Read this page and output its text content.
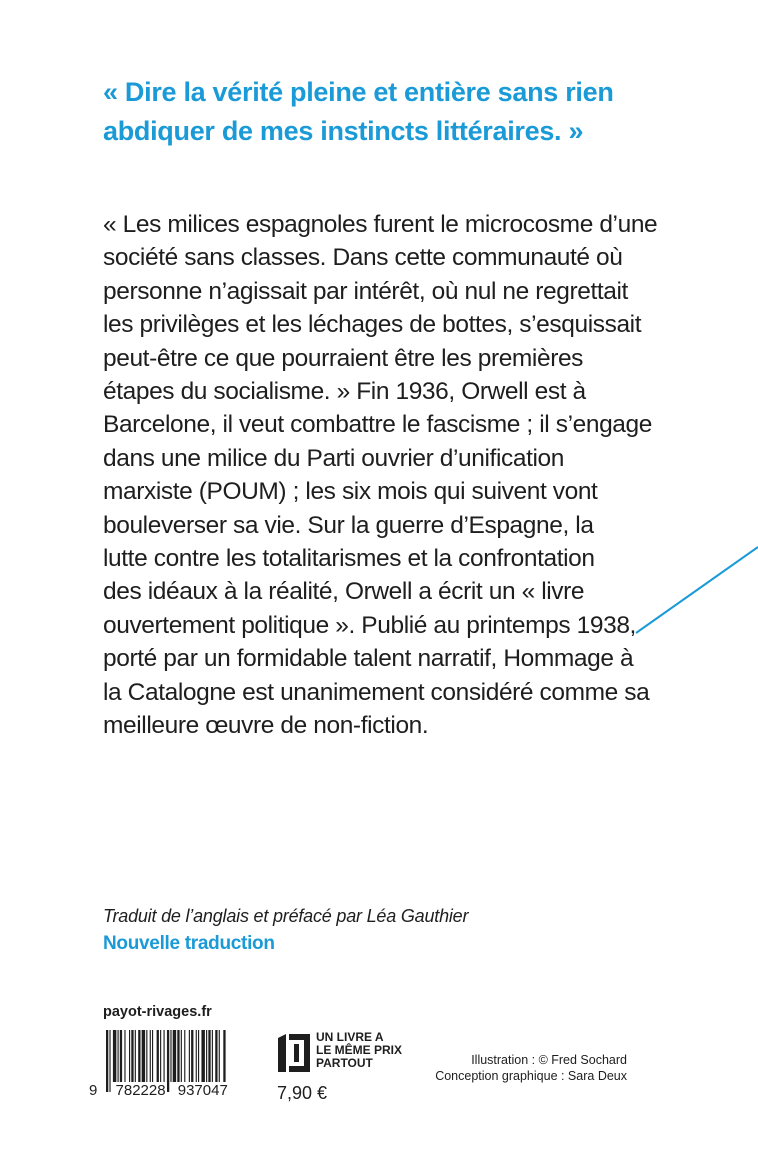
« Dire la vérité pleine et entière sans rien
abdiquer de mes instincts littéraires. »
« Les milices espagnoles furent le microcosme d’une
société sans classes. Dans cette communauté où
personne n’agissait par intérêt, où nul ne regrettait
les privilèges et les léchages de bottes, s’esquissait
peut-être ce que pourraient être les premières
étapes du socialisme. » Fin 1936, Orwell est à
Barcelone, il veut combattre le fascisme ; il s’engage
dans une milice du Parti ouvrier d’unification
marxiste (POUM) ; les six mois qui suivent vont
bouleverser sa vie. Sur la guerre d’Espagne, la
lutte contre les totalitarismes et la confrontation
des idéaux à la réalité, Orwell a écrit un « livre
ouvertement politique ». Publié au printemps 1938,
porté par un formidable talent narratif, Hommage à
la Catalogne est unanimement considéré comme sa
meilleure œuvre de non-fiction.
Traduit de l’anglais et préfacé par Léa Gauthier
Nouvelle traduction
payot-rivages.fr
9 782228 937047
UN LIVRE A
LE MÊME PRIX
PARTOUT
7,90 €
Illustration : © Fred Sochard
Conception graphique : Sara Deux
